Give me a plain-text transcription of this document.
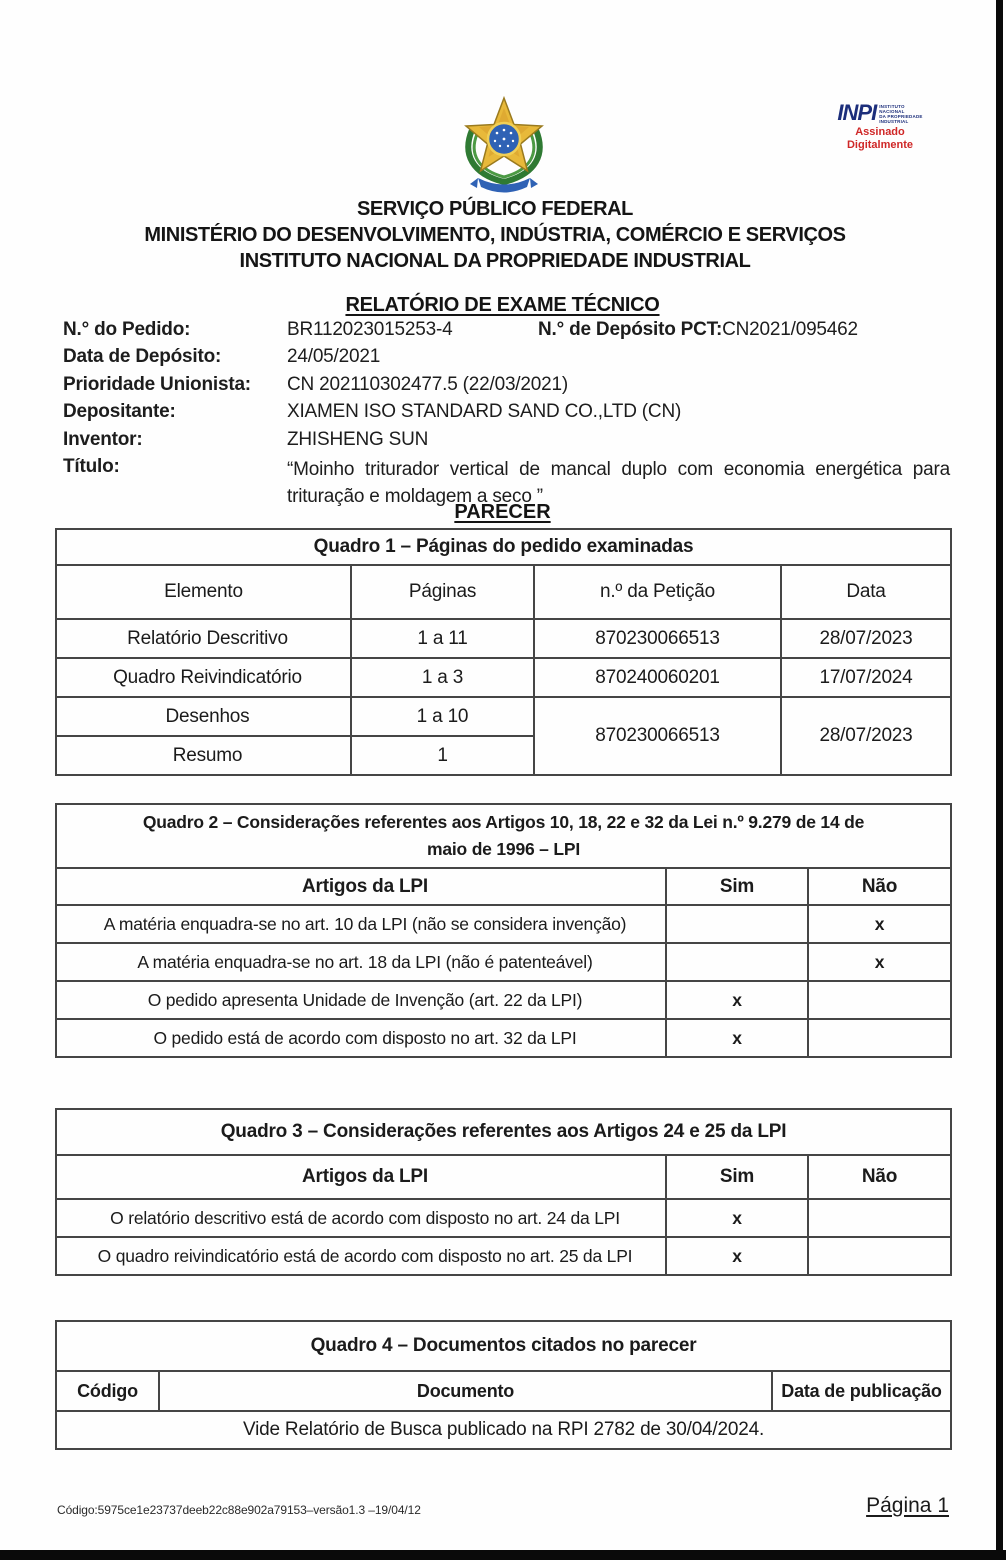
INPI INSTITUTO
NACIONAL
DA PROPRIEDADE
INDUSTRIAL
Assinado
Digitalmente
SERVIÇO PÚBLICO FEDERAL
MINISTÉRIO DO DESENVOLVIMENTO, INDÚSTRIA, COMÉRCIO E SERVIÇOS
INSTITUTO NACIONAL DA PROPRIEDADE INDUSTRIAL
RELATÓRIO DE EXAME TÉCNICO
N.° do Pedido:	BR112023015253-4	N.° de Depósito PCT: CN2021/095462
Data de Depósito:	24/05/2021
Prioridade Unionista:	CN 202110302477.5 (22/03/2021)
Depositante:	XIAMEN ISO STANDARD SAND CO.,LTD (CN)
Inventor:	ZHISHENG SUN
Título:	“Moinho triturador vertical de mancal duplo com economia energética para trituração e moldagem a seco ”
PARECER
Quadro 1 – Páginas do pedido examinadas			
Elemento	Páginas	n.º da Petição	Data
Relatório Descritivo	1 a 11	870230066513	28/07/2023
Quadro Reivindicatório	1 a 3	870240060201	17/07/2024
Desenhos	1 a 10	870230066513	28/07/2023
Resumo	1		
Quadro 2 – Considerações referentes aos Artigos 10, 18, 22 e 32 da Lei n.º 9.279 de 14 de
maio de 1996 – LPI		

Artigos da LPI	Sim	Não
A matéria enquadra-se no art. 10 da LPI (não se considera invenção)		x
A matéria enquadra-se no art. 18 da LPI (não é patenteável)		x
O pedido apresenta Unidade de Invenção (art. 22 da LPI)	x	
O pedido está de acordo com disposto no art. 32 da LPI	x	
Quadro 3 – Considerações referentes aos Artigos 24 e 25 da LPI		
Artigos da LPI	Sim	Não
O relatório descritivo está de acordo com disposto no art. 24 da LPI	x	
O quadro reivindicatório está de acordo com disposto no art. 25 da LPI	x	
Quadro 4 – Documentos citados no parecer
Código	Documento	Data de publicação
Vide Relatório de Busca publicado na RPI 2782 de 30/04/2024.
Código:5975ce1e23737deeb22c88e902a79153–versão1.3 –19/04/12	Página 1
